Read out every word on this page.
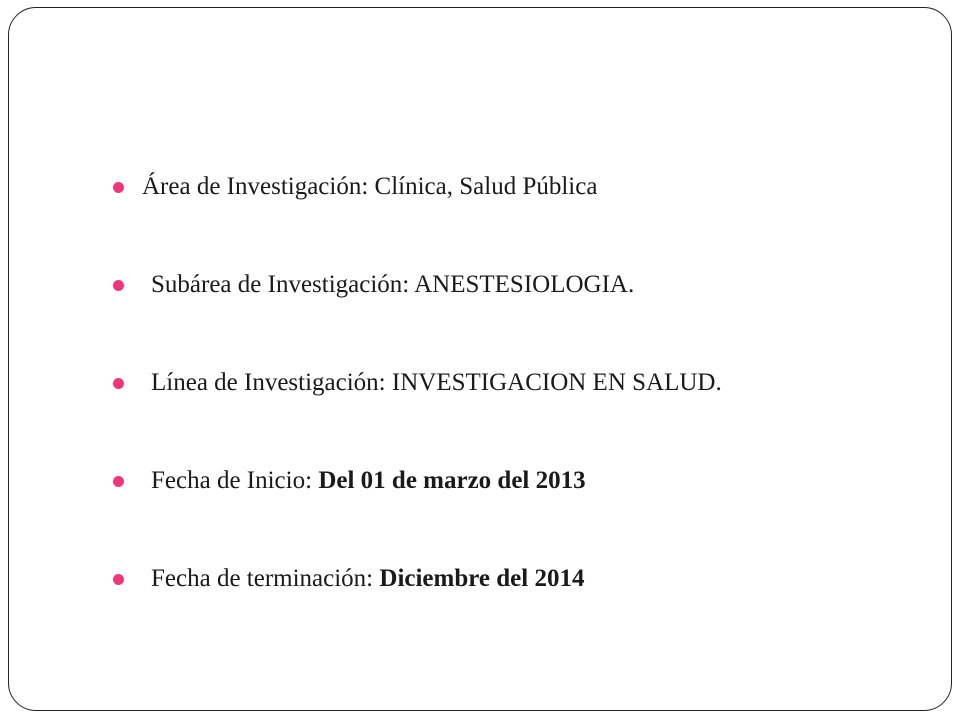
Área de Investigación: Clínica, Salud Pública
Subárea de Investigación: ANESTESIOLOGIA.
Línea de Investigación: INVESTIGACION EN SALUD.
Fecha de Inicio: Del 01 de marzo del 2013
Fecha de terminación: Diciembre del 2014
